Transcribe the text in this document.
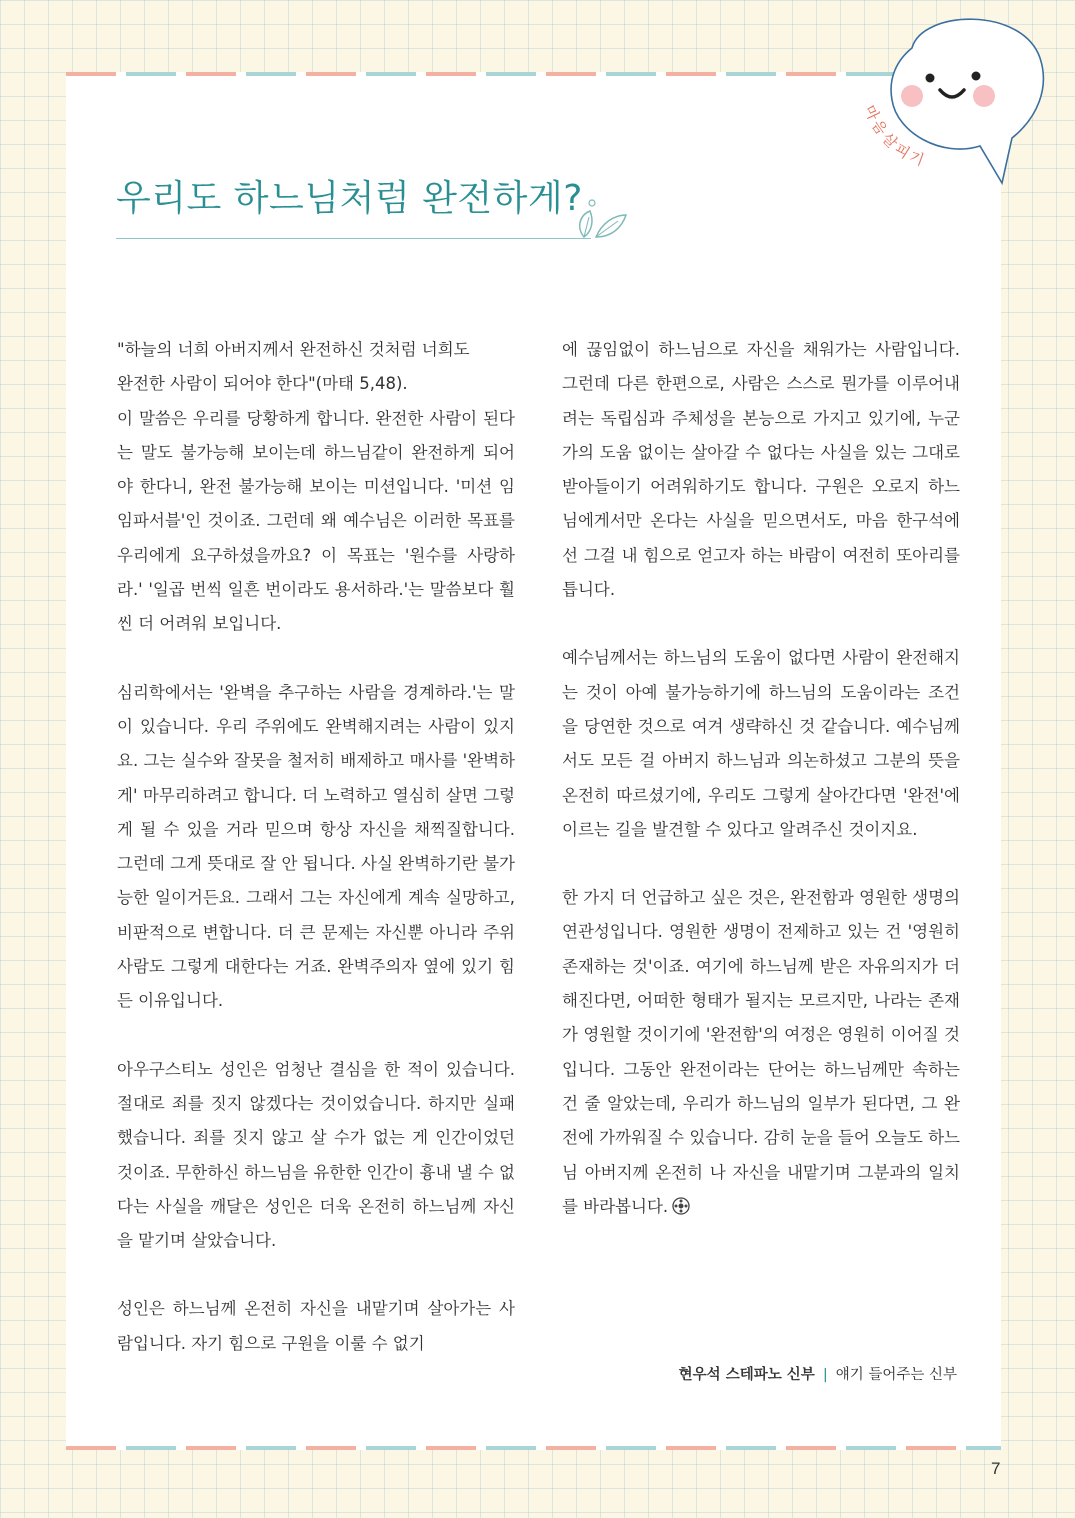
마음살피기
우리도 하느님처럼 완전하게?

"하늘의 너희 아버지께서 완전하신 것처럼 너희도
완전한 사람이 되어야 한다"(마태 5,48).
이 말씀은 우리를 당황하게 합니다. 완전한 사람이 된다는 말도 불가능해 보이는데 하느님같이 완전하게 되어야 한다니, 완전 불가능해 보이는 미션입니다. '미션 임임파서블'인 것이죠. 그런데 왜 예수님은 이러한 목표를 우리에게 요구하셨을까요? 이 목표는 '원수를 사랑하라.' '일곱 번씩 일흔 번이라도 용서하라.'는 말씀보다 훨씬 더 어려워 보입니다.

심리학에서는 '완벽을 추구하는 사람을 경계하라.'는 말이 있습니다. 우리 주위에도 완벽해지려는 사람이 있지요. 그는 실수와 잘못을 철저히 배제하고 매사를 '완벽하게' 마무리하려고 합니다. 더 노력하고 열심히 살면 그렇게 될 수 있을 거라 믿으며 항상 자신을 채찍질합니다. 그런데 그게 뜻대로 잘 안 됩니다. 사실 완벽하기란 불가능한 일이거든요. 그래서 그는 자신에게 계속 실망하고, 비판적으로 변합니다. 더 큰 문제는 자신뿐 아니라 주위 사람도 그렇게 대한다는 거죠. 완벽주의자 옆에 있기 힘든 이유입니다.

아우구스티노 성인은 엄청난 결심을 한 적이 있습니다. 절대로 죄를 짓지 않겠다는 것이었습니다. 하지만 실패했습니다. 죄를 짓지 않고 살 수가 없는 게 인간이었던 것이죠. 무한하신 하느님을 유한한 인간이 흉내 낼 수 없다는 사실을 깨달은 성인은 더욱 온전히 하느님께 자신을 맡기며 살았습니다.

성인은 하느님께 온전히 자신을 내맡기며 살아가는 사람입니다. 자기 힘으로 구원을 이룰 수 없기

에 끊임없이 하느님으로 자신을 채워가는 사람입니다. 그런데 다른 한편으로, 사람은 스스로 뭔가를 이루어내려는 독립심과 주체성을 본능으로 가지고 있기에, 누군가의 도움 없이는 살아갈 수 없다는 사실을 있는 그대로 받아들이기 어려워하기도 합니다. 구원은 오로지 하느님에게서만 온다는 사실을 믿으면서도, 마음 한구석에선 그걸 내 힘으로 얻고자 하는 바람이 여전히 또아리를 틉니다.

예수님께서는 하느님의 도움이 없다면 사람이 완전해지는 것이 아예 불가능하기에 하느님의 도움이라는 조건을 당연한 것으로 여겨 생략하신 것 같습니다. 예수님께서도 모든 걸 아버지 하느님과 의논하셨고 그분의 뜻을 온전히 따르셨기에, 우리도 그렇게 살아간다면 '완전'에 이르는 길을 발견할 수 있다고 알려주신 것이지요.

한 가지 더 언급하고 싶은 것은, 완전함과 영원한 생명의 연관성입니다. 영원한 생명이 전제하고 있는 건 '영원히 존재하는 것'이죠. 여기에 하느님께 받은 자유의지가 더해진다면, 어떠한 형태가 될지는 모르지만, 나라는 존재가 영원할 것이기에 '완전함'의 여정은 영원히 이어질 것입니다. 그동안 완전이라는 단어는 하느님께만 속하는 건 줄 알았는데, 우리가 하느님의 일부가 된다면, 그 완전에 가까워질 수 있습니다. 감히 눈을 들어 오늘도 하느님 아버지께 온전히 나 자신을 내맡기며 그분과의 일치를 바라봅니다.

현우석 스테파노 신부 | 얘기 들어주는 신부
7
